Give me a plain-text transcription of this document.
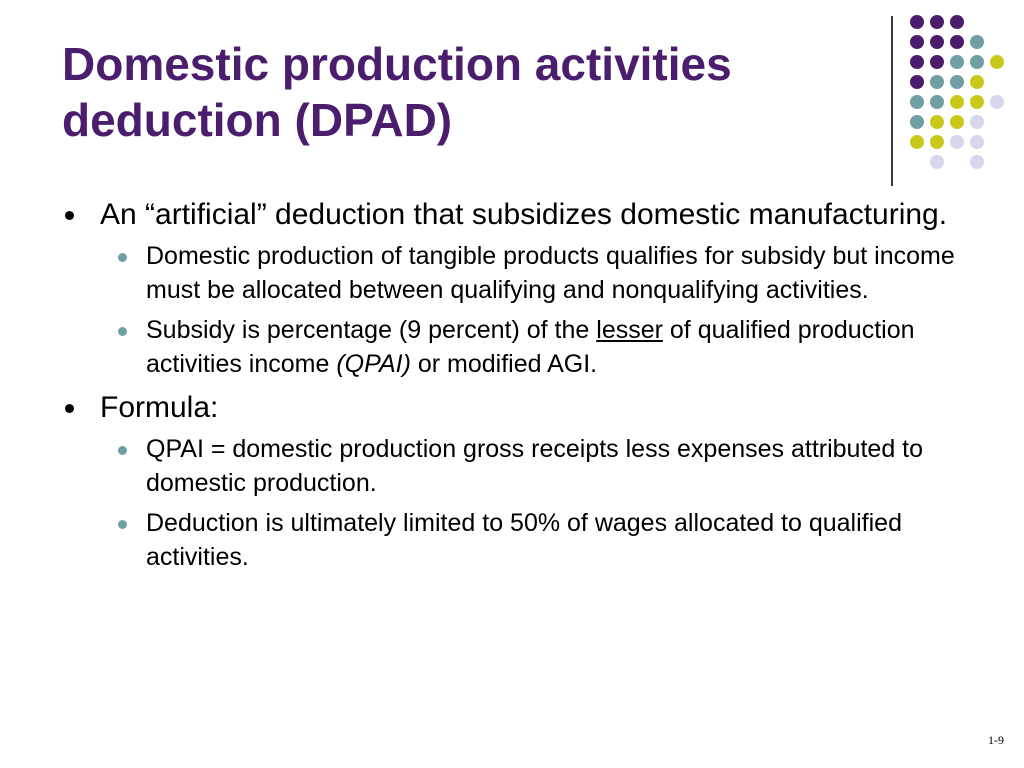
Domestic production activities
deduction (DPAD)
An “artificial” deduction that subsidizes domestic manufacturing.
Domestic production of tangible products qualifies for subsidy but income must be allocated between qualifying and nonqualifying activities.
Subsidy is percentage (9 percent) of the lesser of qualified production activities income (QPAI) or modified AGI.
Formula:
QPAI = domestic production gross receipts less expenses attributed to domestic production.
Deduction is ultimately limited to 50% of wages allocated to qualified activities.
1-9
